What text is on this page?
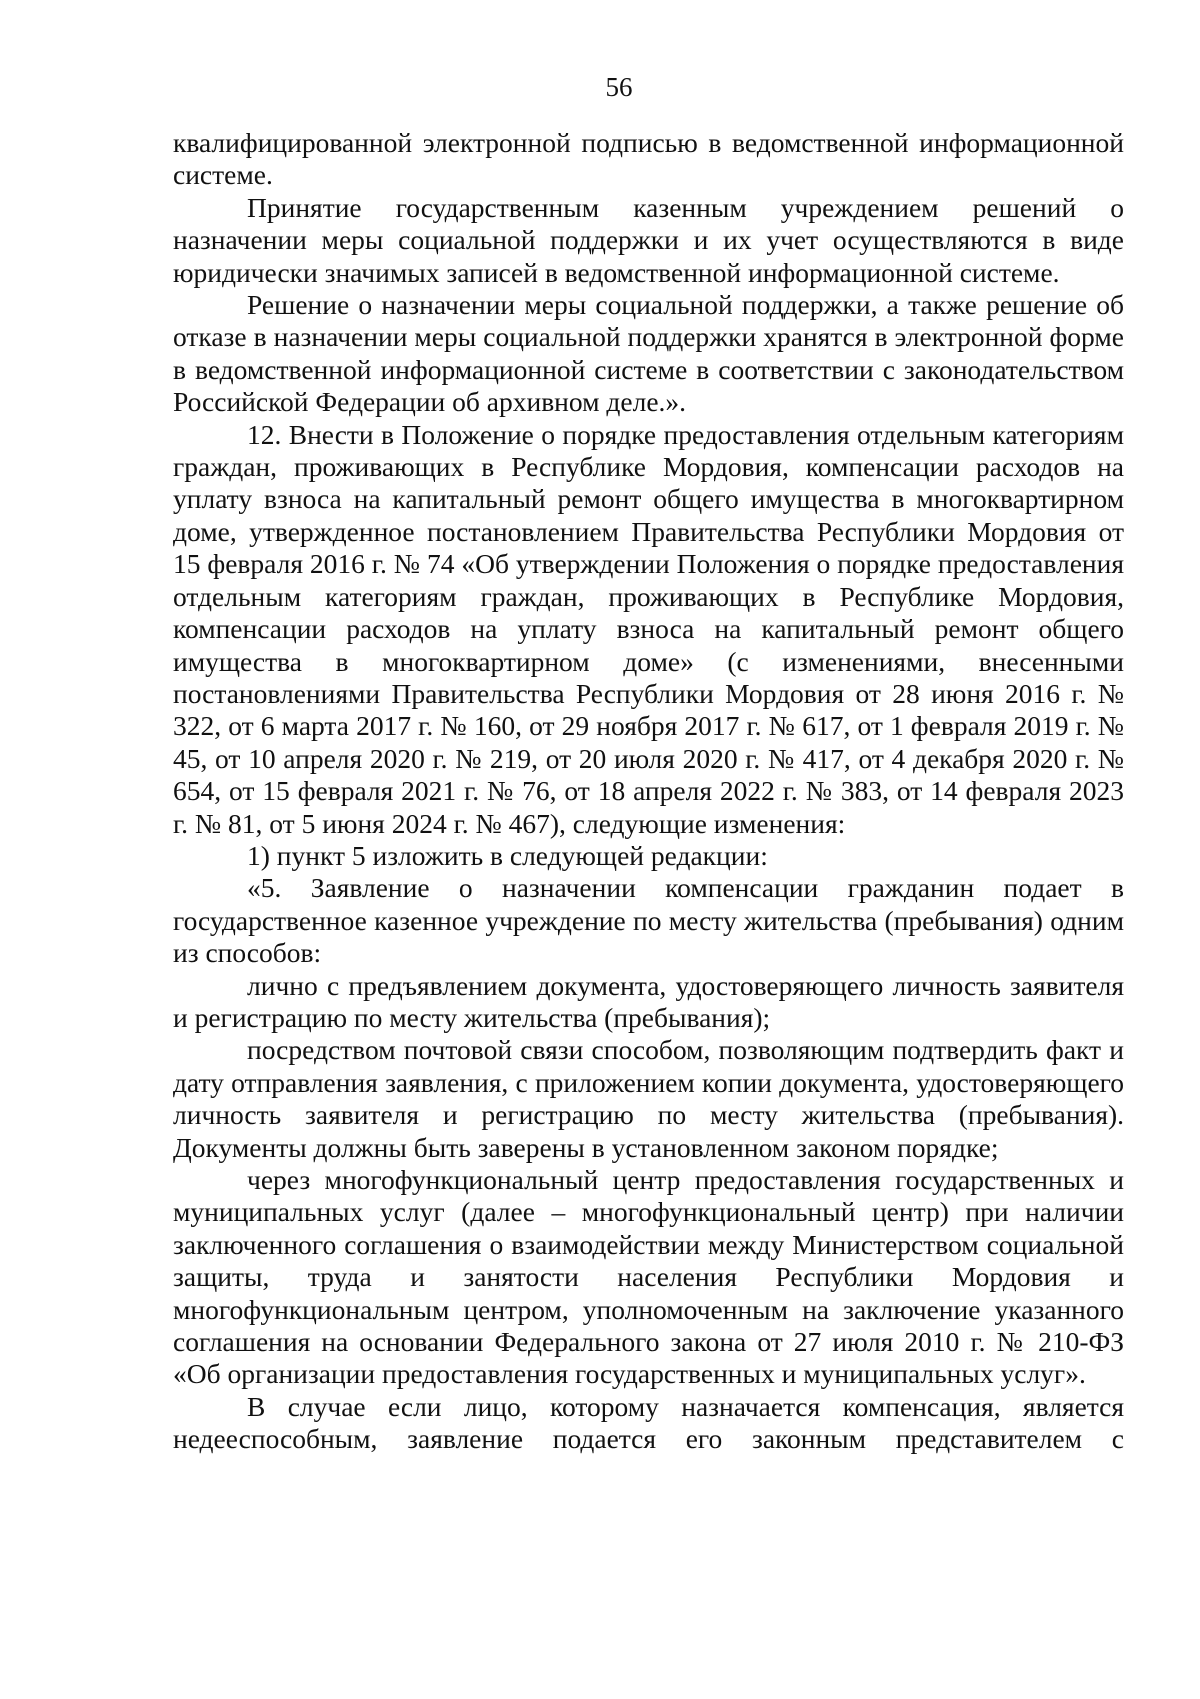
56

квалифицированной электронной подписью в ведомственной информационной системе.

Принятие государственным казенным учреждением решений о назначении меры социальной поддержки и их учет осуществляются в виде юридически значимых записей в ведомственной информационной системе.

Решение о назначении меры социальной поддержки, а также решение об отказе в назначении меры социальной поддержки хранятся в электронной форме в ведомственной информационной системе в соответствии с законодательством Российской Федерации об архивном деле.».

12. Внести в Положение о порядке предоставления отдельным категориям граждан, проживающих в Республике Мордовия, компенсации расходов на уплату взноса на капитальный ремонт общего имущества в многоквартирном доме, утвержденное постановлением Правительства Республики Мордовия от 15 февраля 2016 г. № 74 «Об утверждении Положения о порядке предоставления отдельным категориям граждан, проживающих в Республике Мордовия, компенсации расходов на уплату взноса на капитальный ремонт общего имущества в многоквартирном доме» (с изменениями, внесенными постановлениями Правительства Республики Мордовия от 28 июня 2016 г. № 322, от 6 марта 2017 г. № 160, от 29 ноября 2017 г. № 617, от 1 февраля 2019 г. № 45, от 10 апреля 2020 г. № 219, от 20 июля 2020 г. № 417, от 4 декабря 2020 г. № 654, от 15 февраля 2021 г. № 76, от 18 апреля 2022 г. № 383, от 14 февраля 2023 г. № 81, от 5 июня 2024 г. № 467), следующие изменения:

1) пункт 5 изложить в следующей редакции:

«5. Заявление о назначении компенсации гражданин подает в государственное казенное учреждение по месту жительства (пребывания) одним из способов:

лично с предъявлением документа, удостоверяющего личность заявителя и регистрацию по месту жительства (пребывания);

посредством почтовой связи способом, позволяющим подтвердить факт и дату отправления заявления, с приложением копии документа, удостоверяющего личность заявителя и регистрацию по месту жительства (пребывания). Документы должны быть заверены в установленном законом порядке;

через многофункциональный центр предоставления государственных и муниципальных услуг (далее – многофункциональный центр) при наличии заключенного соглашения о взаимодействии между Министерством социальной защиты, труда и занятости населения Республики Мордовия и многофункциональным центром, уполномоченным на заключение указанного соглашения на основании Федерального закона от 27 июля 2010 г. № 210-ФЗ «Об организации предоставления государственных и муниципальных услуг».

В случае если лицо, которому назначается компенсация, является недееспособным, заявление подается его законным представителем с
